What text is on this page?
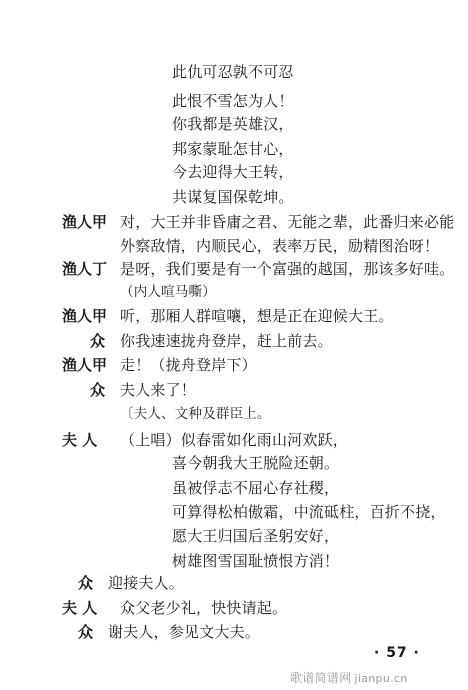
此仇可忍孰不可忍
此恨不雪怎为人！
你我都是英雄汉，
邦家蒙耻怎甘心，
今去迎得大王转，
共谋复国保乾坤。
渔人甲 对，大王并非昏庸之君、无能之辈，此番归来必能
外察敌情，内顺民心，表率万民，励精图治呀！
渔人丁 是呀，我们要是有一个富强的越国，那该多好哇。
（内人喧马嘶）
渔人甲 听，那厢人群喧嚷，想是正在迎候大王。
众 你我速速拢舟登岸，赶上前去。
渔人甲 走！（拢舟登岸下）
众 夫人来了！
〔夫人、文种及群臣上。
夫 人 （上唱）似春雷如化雨山河欢跃，
喜今朝我大王脱险还朝。
虽被俘志不屈心存社稷，
可算得松柏傲霜，中流砥柱，百折不挠，
愿大王归国后圣躬安好，
树雄图雪国耻愤恨方消！
众 迎接夫人。
夫 人 众父老少礼，快快请起。
众 谢夫人，参见文大夫。
· 57 ·
歌谱简谱网 jianpu.cn
